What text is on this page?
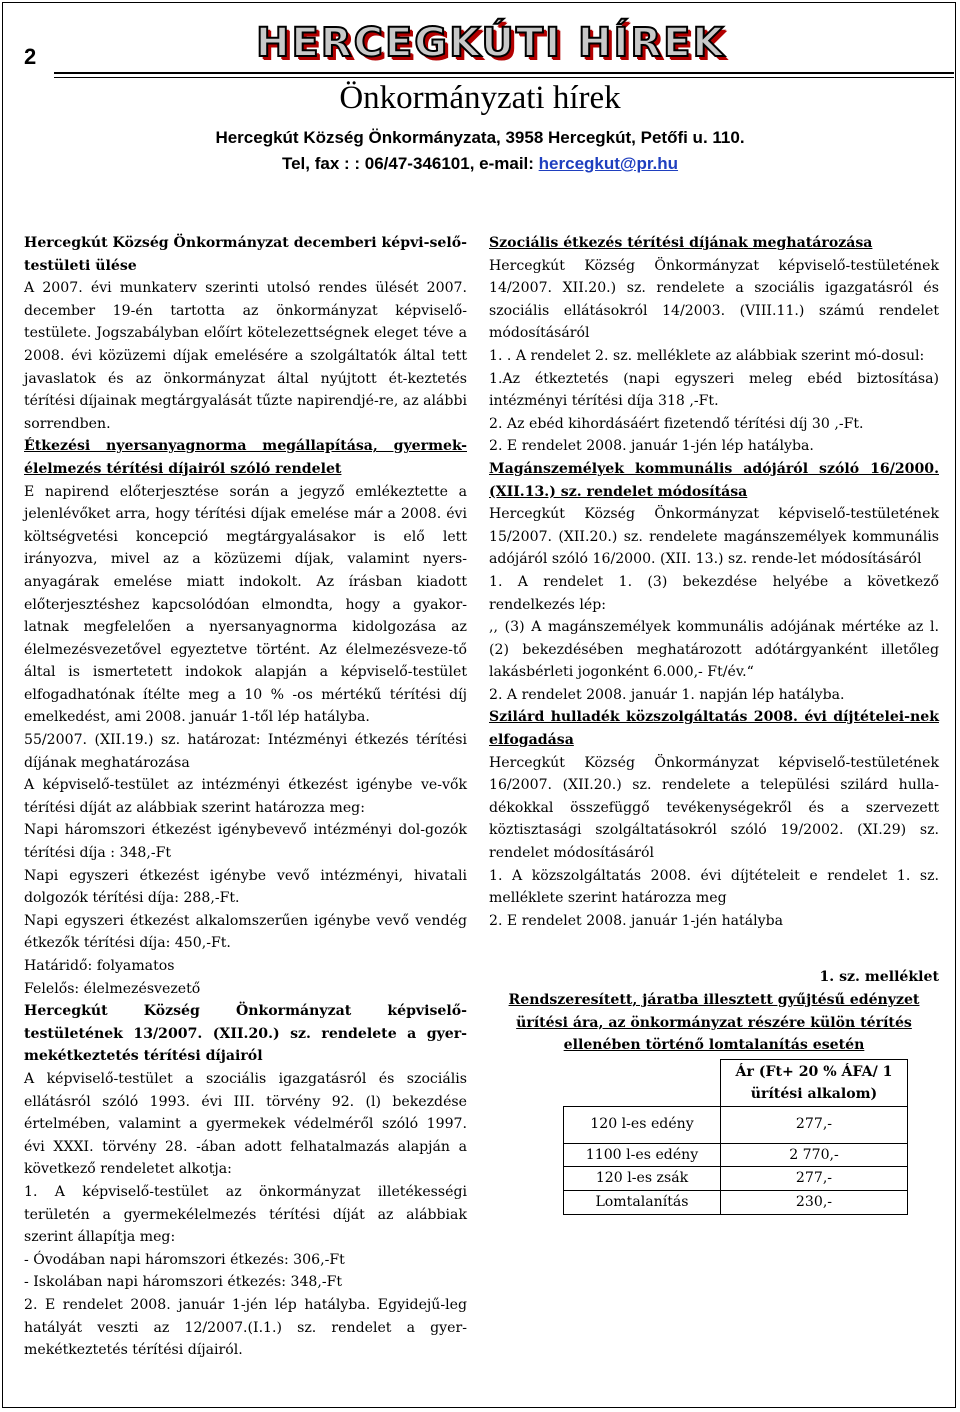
2	HERCEGKÚTI HÍREK
Önkormányzati hírek
Hercegkút Község Önkormányzata, 3958 Hercegkút, Petőfi u. 110.
Tel, fax : : 06/47-346101, e-mail: hercegkut@pr.hu

Hercegkút Község Önkormányzat decemberi képvi-selő-testületi ülése

A 2007. évi munkaterv szerinti utolsó rendes ülését 2007. december 19-én tartotta az önkormányzat képviselő-testülete. Jogszabályban előírt kötelezettségnek eleget téve a 2008. évi közüzemi díjak emelésére a szolgáltatók által tett javaslatok és az önkormányzat által nyújtott ét-keztetés térítési díjainak megtárgyalását tűzte napirendjé-re, az alábbi sorrendben.

Étkezési nyersanyagnorma megállapítása, gyermek-élelmezés térítési díjairól szóló rendelet

E napirend előterjesztése során a jegyző emlékeztette a jelenlévőket arra, hogy térítési díjak emelése már a 2008. évi költségvetési koncepció megtárgyalásakor is elő lett irányozva, mivel az a közüzemi díjak, valamint nyers-anyagárak emelése miatt indokolt. Az írásban kiadott előterjesztéshez kapcsolódóan elmondta, hogy a gyakor-latnak megfelelően a nyersanyagnorma kidolgozása az élelmezésvezetővel egyeztetve történt. Az élelmezésveze-tő által is ismertetett indokok alapján a képviselő-testület elfogadhatónak ítélte meg a 10 % -os mértékű térítési díj emelkedést, ami 2008. január 1-től lép hatályba.

55/2007. (XII.19.) sz. határozat: Intézményi étkezés térítési díjának meghatározása

A képviselő-testület az intézményi étkezést igénybe ve-vők térítési díját az alábbiak szerint határozza meg:

Napi háromszori étkezést igénybevevő intézményi dol-gozók térítési díja : 348,-Ft

Napi egyszeri étkezést igénybe vevő intézményi, hivatali dolgozók térítési díja: 288,-Ft.

Napi egyszeri étkezést alkalomszerűen igénybe vevő vendég étkezők térítési díja: 450,-Ft.

Határidő: folyamatos

Felelős: élelmezésvezető

Hercegkút Község Önkormányzat képviselő-testületének 13/2007. (XII.20.) sz. rendelete a gyer-mekétkeztetés térítési díjairól

A képviselő-testület a szociális igazgatásról és szociális ellátásról szóló 1993. évi III. törvény 92. (l) bekezdése értelmében, valamint a gyermekek védelméről szóló 1997. évi XXXI. törvény 28. -ában adott felhatalmazás alapján a következő rendeletet alkotja:

1. A képviselő-testület az önkormányzat illetékességi területén a gyermekélelmezés térítési díját az alábbiak szerint állapítja meg:

- Óvodában napi háromszori étkezés: 306,-Ft

- Iskolában napi háromszori étkezés: 348,-Ft

2. E rendelet 2008. január 1-jén lép hatályba. Egyidejű-leg hatályát veszti az 12/2007.(I.1.) sz. rendelet a gyer-mekétkeztetés térítési díjairól.

Szociális étkezés térítési díjának meghatározása

Hercegkút Község Önkormányzat képviselő-testületének 14/2007. XII.20.) sz. rendelete a szociális igazgatásról és szociális ellátásokról 14/2003. (VIII.11.) számú rendelet módosításáról

1. . A rendelet 2. sz. melléklete az alábbiak szerint mó-dosul:

1.Az étkeztetés (napi egyszeri meleg ebéd biztosítása) intézményi térítési díja 318 ,-Ft.

2. Az ebéd kihordásáért fizetendő térítési díj 30 ,-Ft.

2. E rendelet 2008. január 1-jén lép hatályba.

Magánszemélyek kommunális adójáról szóló 16/2000. (XII.13.) sz. rendelet módosítása

Hercegkút Község Önkormányzat képviselő-testületének 15/2007. (XII.20.) sz. rendelete magánszemélyek kommunális adójáról szóló 16/2000. (XII. 13.) sz. rende-let módosításáról

1. A rendelet 1. (3) bekezdése helyébe a következő rendelkezés lép:

,, (3) A magánszemélyek kommunális adójának mértéke az l. (2) bekezdésében meghatározott adótárgyanként illetőleg lakásbérleti jogonként 6.000,- Ft/év.“

2. A rendelet 2008. január 1. napján lép hatályba.

Szilárd hulladék közszolgáltatás 2008. évi díjtételei-nek elfogadása

Hercegkút Község Önkormányzat képviselő-testületének 16/2007. (XII.20.) sz. rendelete a települési szilárd hulla-dékokkal összefüggő tevékenységekről és a szervezett köztisztasági szolgáltatásokról szóló 19/2002. (XI.29) sz. rendelet módosításáról

1. A közszolgáltatás 2008. évi díjtételeit e rendelet 1. sz. melléklete szerint határozza meg

2. E rendelet 2008. január 1-jén hatályba

1. sz. melléklet

Rendszeresített, járatba illesztett gyűjtésű edényzet ürítési ára, az önkormányzat részére külön térítés ellenében történő lomtalanítás esetén

	Ár (Ft+ 20 % ÁFA/ 1 ürítési alkalom)
120 l-es edény	277,-
1100 l-es edény	2 770,-
120 l-es zsák	277,-
Lomtalanítás	230,-
